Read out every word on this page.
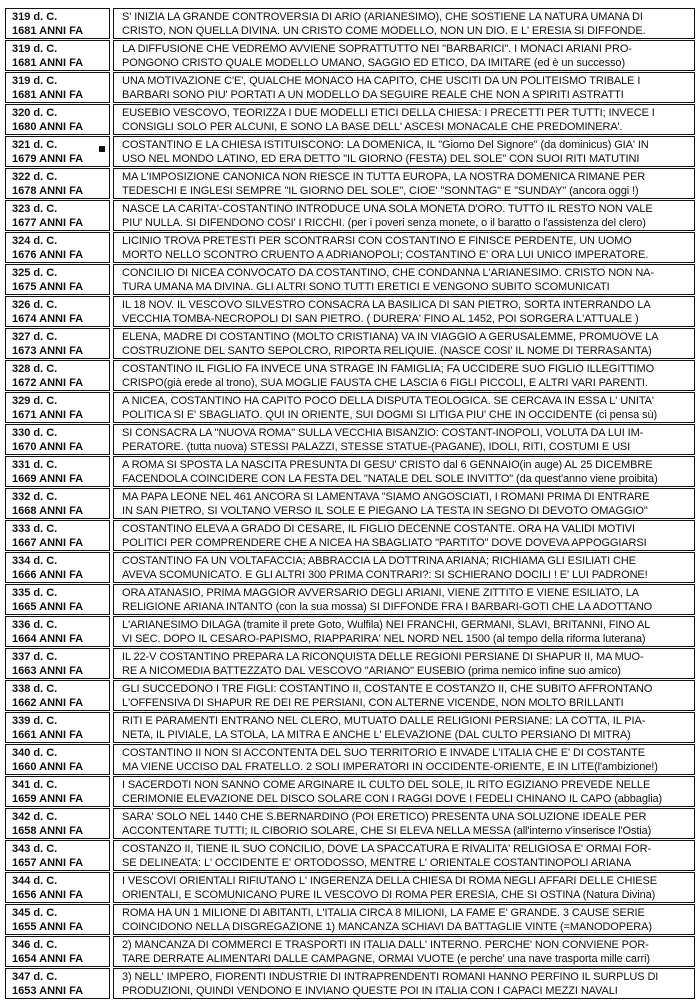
319 d. C.
1681 ANNI FA
S' INIZIA LA GRANDE CONTROVERSIA DI ARIO (ARIANESIMO), CHE SOSTIENE LA NATURA UMANA DI
CRISTO, NON QUELLA DIVINA. UN CRISTO COME MODELLO, NON UN DIO. E L' ERESIA SI DIFFONDE.
319 d. C.
1681 ANNI FA
LA DIFFUSIONE CHE VEDREMO AVVIENE SOPRATTUTTO NEI "BARBARICI". I MONACI ARIANI PRO-
PONGONO CRISTO QUALE MODELLO UMANO, SAGGIO ED ETICO, DA IMITARE (ed è un successo)
319 d. C.
1681 ANNI FA
UNA MOTIVAZIONE C'E', QUALCHE MONACO HA CAPITO, CHE USCITI DA UN POLITEISMO TRIBALE I
BARBARI SONO PIU' PORTATI A UN MODELLO DA SEGUIRE REALE CHE NON A SPIRITI ASTRATTI
320 d. C.
1680 ANNI FA
EUSEBIO VESCOVO, TEORIZZA I DUE MODELLI ETICI DELLA CHIESA: I PRECETTI PER TUTTI; INVECE I
CONSIGLI SOLO PER ALCUNI, E SONO LA BASE DELL' ASCESI MONACALE CHE PREDOMINERA'.
321 d. C.
1679 ANNI FA
COSTANTINO E LA CHIESA ISTITUISCONO: LA DOMENICA, IL "Giorno Del Signore" (da dominicus) GIA' IN
USO NEL MONDO LATINO, ED ERA DETTO "IL GIORNO (FESTA) DEL SOLE" CON SUOI RITI MATUTINI
322 d. C.
1678 ANNI FA
MA L'IMPOSIZIONE CANONICA NON RIESCE IN TUTTA EUROPA, LA NOSTRA DOMENICA RIMANE PER
TEDESCHI E INGLESI SEMPRE "IL GIORNO DEL SOLE", CIOE' "SONNTAG" E "SUNDAY" (ancora oggi !)
323 d. C.
1677 ANNI FA
NASCE LA CARITA'-COSTANTINO INTRODUCE UNA SOLA MONETA D'ORO. TUTTO IL RESTO NON VALE
PIU' NULLA. SI DIFENDONO COSI' I RICCHI. (per i poveri senza monete, o il baratto o l'assistenza del clero)
324 d. C.
1676 ANNI FA
LICINIO TROVA PRETESTI PER SCONTRARSI CON COSTANTINO E FINISCE PERDENTE, UN UOMO
MORTO NELLO SCONTRO CRUENTO A ADRIANOPOLI; COSTANTINO E' ORA LUI UNICO IMPERATORE.
325 d. C.
1675 ANNI FA
CONCILIO DI NICEA CONVOCATO DA COSTANTINO, CHE CONDANNA L'ARIANESIMO. CRISTO NON NA-
TURA UMANA MA DIVINA. GLI ALTRI SONO TUTTI ERETICI E VENGONO SUBITO SCOMUNICATI
326 d. C.
1674 ANNI FA
IL 18 NOV. IL VESCOVO SILVESTRO CONSACRA LA BASILICA DI SAN PIETRO, SORTA INTERRANDO LA
VECCHIA TOMBA-NECROPOLI DI SAN PIETRO. ( DURERA' FINO AL 1452, POI SORGERA L'ATTUALE )
327 d. C.
1673 ANNI FA
ELENA, MADRE DI COSTANTINO (MOLTO CRISTIANA) VA IN VIAGGIO A GERUSALEMME, PROMUOVE LA
COSTRUZIONE DEL SANTO SEPOLCRO, RIPORTA RELIQUIE. (NASCE COSI' IL NOME DI TERRASANTA)
328 d. C.
1672 ANNI FA
COSTANTINO IL FIGLIO FA INVECE UNA STRAGE IN FAMIGLIA; FA UCCIDERE SUO FIGLIO ILLEGITTIMO
CRISPO(già erede al trono), SUA MOGLIE FAUSTA CHE LASCIA 6 FIGLI PICCOLI, E ALTRI VARI PARENTI.
329 d. C.
1671 ANNI FA
A NICEA, COSTANTINO HA CAPITO POCO DELLA DISPUTA TEOLOGICA. SE CERCAVA IN ESSA L' UNITA'
POLITICA SI E' SBAGLIATO. QUI IN ORIENTE, SUI DOGMI SI LITIGA PIU' CHE IN OCCIDENTE (ci pensa sù)
330 d. C.
1670 ANNI FA
SI CONSACRA LA "NUOVA ROMA" SULLA VECCHIA BISANZIO: COSTANT-INOPOLI, VOLUTA DA LUI IM-
PERATORE. (tutta nuova) STESSI PALAZZI, STESSE STATUE-(PAGANE), IDOLI, RITI, COSTUMI E USI
331 d. C.
1669 ANNI FA
A ROMA SI SPOSTA LA NASCITA PRESUNTA DI GESU' CRISTO dal 6 GENNAIO(in auge) AL 25 DICEMBRE
FACENDOLA COINCIDERE CON LA FESTA DEL "NATALE DEL SOLE INVITTO" (da quest'anno viene proibita)
332 d. C.
1668 ANNI FA
MA PAPA LEONE NEL 461 ANCORA SI LAMENTAVA "SIAMO ANGOSCIATI, I ROMANI PRIMA DI ENTRARE
IN SAN PIETRO, SI VOLTANO VERSO IL SOLE E PIEGANO LA TESTA IN SEGNO DI DEVOTO OMAGGIO"
333 d. C.
1667 ANNI FA
COSTANTINO ELEVA A GRADO DI CESARE, IL FIGLIO DECENNE COSTANTE. ORA HA VALIDI MOTIVI
POLITICI PER COMPRENDERE CHE A NICEA HA SBAGLIATO "PARTITO" DOVE DOVEVA APPOGGIARSI
334 d. C.
1666 ANNI FA
COSTANTINO FA UN VOLTAFACCIA; ABBRACCIA LA DOTTRINA ARIANA; RICHIAMA GLI ESILIATI CHE
AVEVA SCOMUNICATO. E GLI ALTRI 300 PRIMA CONTRARI?: SI SCHIERANO DOCILI ! E' LUI PADRONE!
335 d. C.
1665 ANNI FA
ORA ATANASIO, PRIMA MAGGIOR AVVERSARIO DEGLI ARIANI, VIENE ZITTITO E VIENE ESILIATO, LA
RELIGIONE ARIANA INTANTO (con la sua mossa) SI DIFFONDE FRA I BARBARI-GOTI CHE LA ADOTTANO
336 d. C.
1664 ANNI FA
L'ARIANESIMO DILAGA (tramite il prete Goto, Wulfila) NEI FRANCHI, GERMANI, SLAVI, BRITANNI, FINO AL
VI SEC. DOPO IL CESARO-PAPISMO, RIAPPARIRA' NEL NORD NEL 1500 (al tempo della riforma luterana)
337 d. C.
1663 ANNI FA
IL 22-V COSTANTINO PREPARA LA RICONQUISTA DELLE REGIONI PERSIANE DI SHAPUR II, MA MUO-
RE A NICOMEDIA BATTEZZATO DAL VESCOVO "ARIANO" EUSEBIO (prima nemico infine suo amico)
338 d. C.
1662 ANNI FA
GLI SUCCEDONO I TRE FIGLI: COSTANTINO II, COSTANTE E COSTANZO II, CHE SUBITO AFFRONTANO
L'OFFENSIVA DI SHAPUR RE DEI RE PERSIANI, CON ALTERNE VICENDE, NON MOLTO BRILLANTI
339 d. C.
1661 ANNI FA
RITI E PARAMENTI ENTRANO NEL CLERO, MUTUATO DALLE RELIGIONI PERSIANE: LA COTTA, IL PIA-
NETA, IL PIVIALE, LA STOLA, LA MITRA E ANCHE L' ELEVAZIONE (DAL CULTO PERSIANO DI MITRA)
340 d. C.
1660 ANNI FA
COSTANTINO II NON SI ACCONTENTA DEL SUO TERRITORIO E INVADE L'ITALIA CHE E' DI COSTANTE
MA VIENE UCCISO DAL FRATELLO. 2 SOLI IMPERATORI IN OCCIDENTE-ORIENTE, E IN LITE(l'ambizione!)
341 d. C.
1659 ANNI FA
I SACERDOTI NON SANNO COME ARGINARE IL CULTO DEL SOLE, IL RITO EGIZIANO PREVEDE NELLE
CERIMONIE ELEVAZIONE DEL DISCO SOLARE CON I RAGGI DOVE I FEDELI CHINANO IL CAPO (abbaglia)
342 d. C.
1658 ANNI FA
SARA' SOLO NEL 1440 CHE S.BERNARDINO (POI ERETICO) PRESENTA UNA SOLUZIONE IDEALE PER
ACCONTENTARE TUTTI; IL CIBORIO SOLARE, CHE SI ELEVA NELLA MESSA (all'interno v'inserisce l'Ostia)
343 d. C.
1657 ANNI FA
COSTANZO II, TIENE IL SUO CONCILIO, DOVE LA SPACCATURA E RIVALITA' RELIGIOSA E' ORMAI FOR-
SE DELINEATA: L' OCCIDENTE E' ORTODOSSO, MENTRE L' ORIENTALE COSTANTINOPOLI ARIANA
344 d. C.
1656 ANNI FA
I VESCOVI ORIENTALI RIFIUTANO L' INGERENZA DELLA CHIESA DI ROMA NEGLI AFFARI DELLE CHIESE
ORIENTALI, E SCOMUNICANO PURE IL VESCOVO DI ROMA PER ERESIA, CHE SI OSTINA (Natura Divina)
345 d. C.
1655 ANNI FA
ROMA HA UN 1 MILIONE DI ABITANTI, L'ITALIA CIRCA 8 MILIONI, LA FAME E' GRANDE. 3 CAUSE SERIE
COINCIDONO NELLA DISGREGAZIONE 1) MANCANZA SCHIAVI DA BATTAGLIE VINTE (=MANODOPERA)
346 d. C.
1654 ANNI FA
2) MANCANZA DI COMMERCI E TRASPORTI IN ITALIA DALL' INTERNO. PERCHE' NON CONVIENE POR-
TARE DERRATE ALIMENTARI DALLE CAMPAGNE, ORMAI VUOTE (e perche' una nave trasporta mille carri)
347 d. C.
1653 ANNI FA
3) NELL' IMPERO, FIORENTI INDUSTRIE DI INTRAPRENDENTI ROMANI HANNO PERFINO IL SURPLUS DI
PRODUZIONI, QUINDI VENDONO E INVIANO QUESTE POI IN ITALIA CON I CAPACI MEZZI NAVALI
